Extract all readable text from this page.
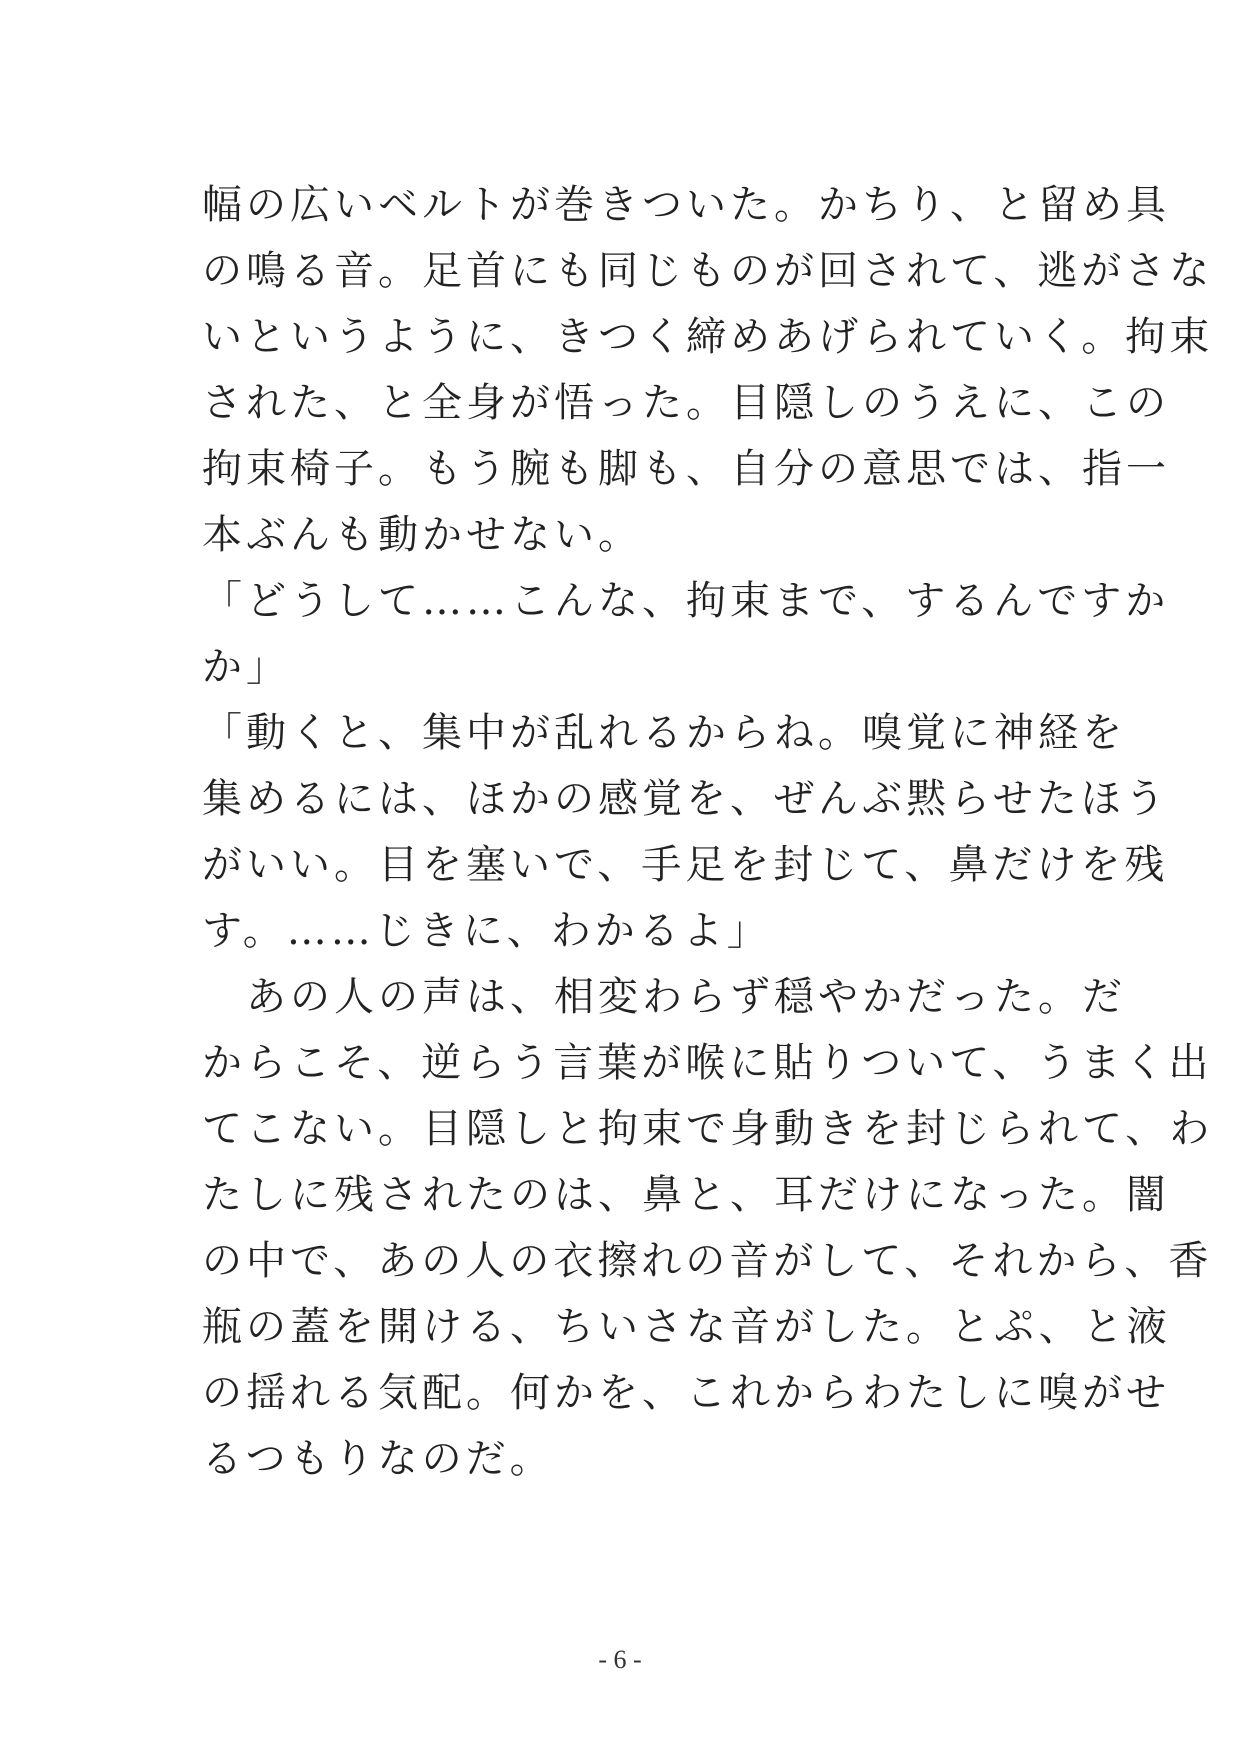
幅の広いベルトが巻きついた。かちり、と留め具
の鳴る音。足首にも同じものが回されて、逃がさな
いというように、きつく締めあげられていく。拘束
された、と全身が悟った。目隠しのうえに、この
拘束椅子。もう腕も脚も、自分の意思では、指一
本ぶんも動かせない。
「どうして……こんな、拘束まで、するんですか
か」
「動くと、集中が乱れるからね。嗅覚に神経を
集めるには、ほかの感覚を、ぜんぶ黙らせたほう
がいい。目を塞いで、手足を封じて、鼻だけを残
す。……じきに、わかるよ」
　あの人の声は、相変わらず穏やかだった。だ
からこそ、逆らう言葉が喉に貼りついて、うまく出
てこない。目隠しと拘束で身動きを封じられて、わ
たしに残されたのは、鼻と、耳だけになった。闇
の中で、あの人の衣擦れの音がして、それから、香
瓶の蓋を開ける、ちいさな音がした。とぷ、と液
の揺れる気配。何かを、これからわたしに嗅がせ
るつもりなのだ。
- 6 -
